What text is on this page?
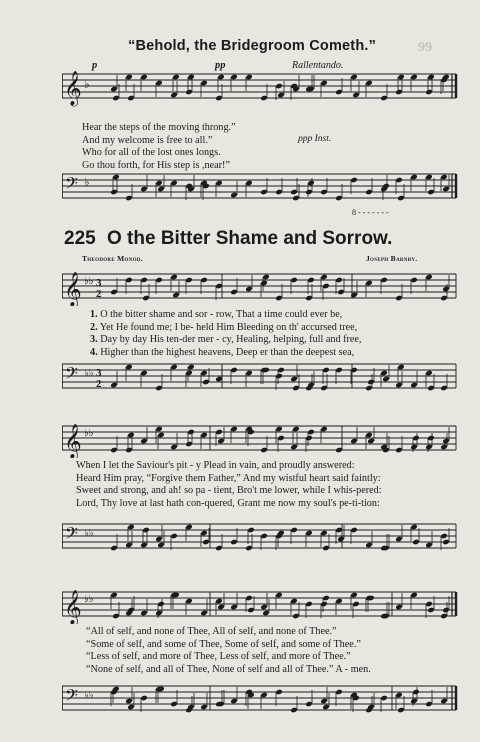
99
“Behold, the Bridegroom Cometh.”
p	pp	Rallentando.
𝄞 ♭
Hear the steps of the moving throng.”
And my welcome is free to all.”
Who for all of the lost ones longs.
Go thou forth, for His step is ,near!”
ppp Inst.
𝄢 ♭
8 - - - - - - -
225 O the Bitter Shame and Sorrow.
Theodore Monod.	Joseph Barnby.
𝄞 ♭♭ 3
2
1. O the bitter shame and sor - row, That a time could ever be,
2. Yet He found me; I be- held Him Bleeding on th' accursed tree,
3. Day by day His ten-der mer - cy, Healing, helping, full and free,
4. Higher than the highest heavens, Deep er than the deepest sea,
𝄢 ♭♭ 3
2
𝄞 ♭♭
When I let the Saviour's pit - y Plead in vain, and proudly answered:
Heard Him pray, “Forgive them Father,” And my wistful heart said faintly:
Sweet and strong, and ah! so pa - tient, Bro't me lower, while I whis-pered:
Lord, Thy love at last hath con-quered, Grant me now my soul's pe-ti-tion:
𝄢 ♭♭
𝄞 ♭♭
“All of self, and none of Thee, All of self, and none of Thee.”
“Some of self, and some of Thee, Some of self, and some of Thee.”
“Less of self, and more of Thee, Less of self, and more of Thee.”
“None of self, and all of Thee, None of self and all of Thee.” A - men.
𝄢 ♭♭
